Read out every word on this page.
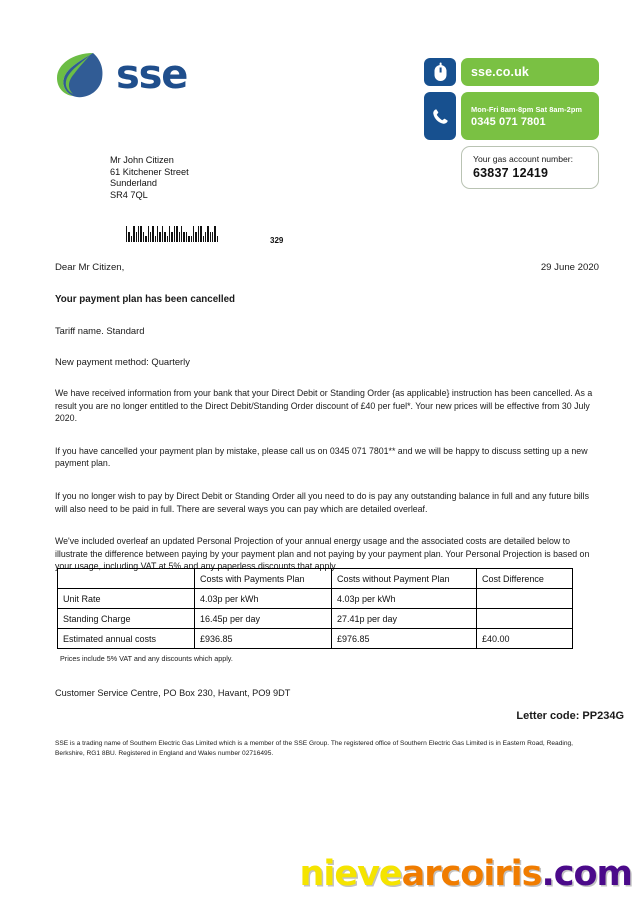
sse	sse.co.uk
Mon-Fri 8am-8pm Sat 8am-2pm
0345 071 7801
Your gas account number:
63837 12419
Mr John Citizen
61 Kitchener Street
Sunderland
SR4 7QL
329
Dear Mr Citizen,	29 June 2020
Your payment plan has been cancelled
Tariff name. Standard
New payment method: Quarterly

We have received information from your bank that your Direct Debit or Standing Order {as applicable} instruction has been cancelled. As a result you are no longer entitled to the Direct Debit/Standing Order discount of £40 per fuel*. Your new prices will be effective from 30 July 2020.

If you have cancelled your payment plan by mistake, please call us on 0345 071 7801** and we will be happy to discuss setting up a new payment plan.

If you no longer wish to pay by Direct Debit or Standing Order all you need to do is pay any outstanding balance in full and any future bills will also need to be paid in full. There are several ways you can pay which are detailed overleaf.

We've included overleaf an updated Personal Projection of your annual energy usage and the associated costs are detailed below to illustrate the difference between paying by your payment plan and not paying by your payment plan. Your Personal Projection is based on your usage, including VAT at 5% and any paperless discounts that apply.

	Costs with Payments Plan	Costs without Payment Plan	Cost Difference
Unit Rate	4.03p per kWh	4.03p per kWh	
Standing Charge	16.45p per day	27.41p per day	
Estimated annual costs	£936.85	£976.85	£40.00
Prices include 5% VAT and any discounts which apply.
Customer Service Centre, PO Box 230, Havant, PO9 9DT
Letter code: PP234G
SSE is a trading name of Southern Electric Gas Limited which is a member of the SSE Group. The registered office of Southern Electric Gas Limited is in Eastern Road, Reading, Berkshire, RG1 8BU. Registered in England and Wales number 02716495.
nievearcoiris.com
